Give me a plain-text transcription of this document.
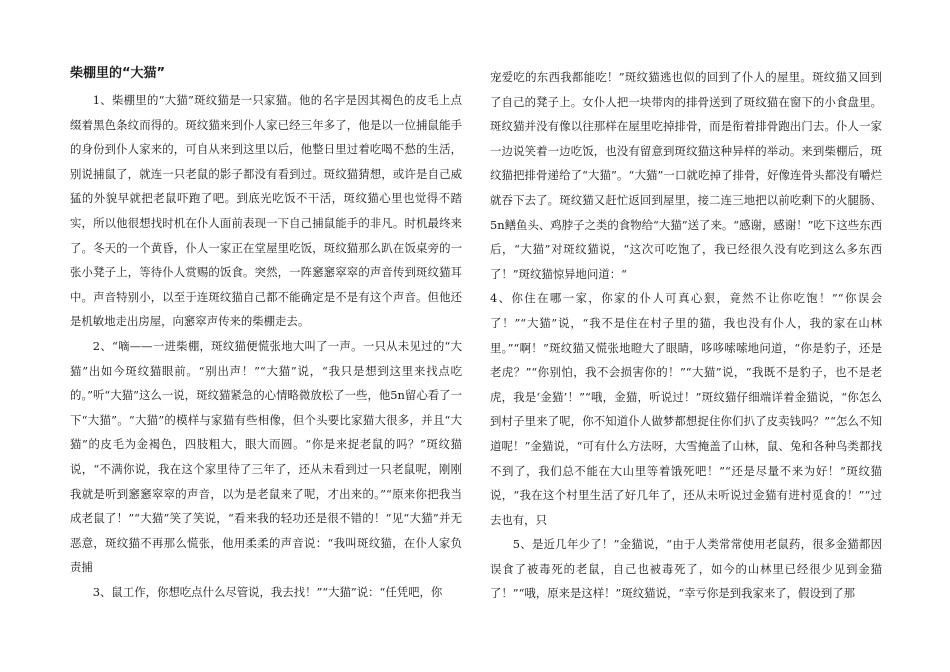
柴棚里的“大猫”

1、柴棚里的“大猫”斑纹猫是一只家猫。他的名字是因其褐色的皮毛上点缀着黑色条纹而得的。斑纹猫来到仆人家已经三年多了，他是以一位捕鼠能手的身份到仆人家来的，可自从来到这里以后，他整日里过着吃喝不愁的生活，别说捕鼠了，就连一只老鼠的影子都没有看到过。斑纹猫猜想，或许是自己威猛的外貌早就把老鼠吓跑了吧。到底光吃饭不干活，斑纹猫心里也觉得不踏实，所以他很想找时机在仆人面前表现一下自己捕鼠能手的非凡。时机最终来了。冬天的一个黄昏，仆人一家正在堂屋里吃饭，斑纹猫那么趴在饭桌旁的一张小凳子上，等待仆人赏赐的饭食。突然，一阵窸窸窣窣的声音传到斑纹猫耳中。声音特别小，以至于连斑纹猫自己都不能确定是不是有这个声音。但他还是机敏地走出房屋，向窸窣声传来的柴棚走去。

2、“嘀——一进柴棚，斑纹猫便慌张地大叫了一声。一只从未见过的“大猫”出如今斑纹猫眼前。“别出声！”“大猫”说，“我只是想到这里来找点吃的。”听“大猫”这么一说，斑纹猫紧急的心情略微放松了一些，他5n留心看了一下“大猫”。“大猫”的模样与家猫有些相像，但个头要比家猫大很多，并且“大猫”的皮毛为金褐色，四肢粗大，眼大而圆。“你是来捉老鼠的吗？”斑纹猫说，“不满你说，我在这个家里待了三年了，还从未看到过一只老鼠呢，刚刚我就是听到窸窸窣窣的声音，以为是老鼠来了呢，才出来的。”“原来你把我当成老鼠了！”“大猫”笑了笑说，“看来我的轻功还是很不错的！”见“大猫”并无恶意，斑纹猫不再那么慌张，他用柔柔的声音说：“我叫斑纹猫，在仆人家负责捕

3、鼠工作，你想吃点什么尽管说，我去找！”“大猫”说：“任凭吧，你

宠爱吃的东西我都能吃！”斑纹猫逃也似的回到了仆人的屋里。斑纹猫又回到了自己的凳子上。女仆人把一块带肉的排骨送到了斑纹猫在窗下的小食盘里。斑纹猫并没有像以往那样在屋里吃掉排骨，而是衔着排骨跑出门去。仆人一家一边说笑着一边吃饭，也没有留意到斑纹猫这种异样的举动。来到柴棚后，斑纹猫把排骨递给了“大猫”。“大猫”一口就吃掉了排骨，好像连骨头都没有嚼烂就吞下去了。斑纹猫又赶忙返回到屋里，接二连三地把以前吃剩下的火腿肠、5n鳝鱼头、鸡脖子之类的食物给“大猫”送了来。“感谢，感谢！”吃下这些东西后，“大猫”对斑纹猫说，“这次可吃饱了，我已经很久没有吃到这么多东西了！”斑纹猫惊异地问道：“

4、你住在哪一家，你家的仆人可真心狠，竟然不让你吃饱！”“你误会了！”“大猫”说，“我不是住在村子里的猫，我也没有仆人，我的家在山林里。”“啊！”斑纹猫又慌张地瞪大了眼睛，哆哆嗦嗦地问道，“你是豹子，还是老虎？”“你别怕，我不会损害你的！”“大猫”说，“我既不是豹子，也不是老虎，我是‘金猫’！”“哦，金猫，听说过！”斑纹猫仔细端详着金猫说，“你怎么到村子里来了呢，你不知道仆人做梦都想捉住你们扒了皮卖钱吗？”“怎么不知道呢！”金猫说，“可有什么方法呀，大雪掩盖了山林，鼠、兔和各种鸟类都找不到了，我们总不能在大山里等着饿死吧！”“还是尽量不来为好！”斑纹猫说，“我在这个村里生活了好几年了，还从未听说过金猫有进村觅食的！”“过去也有，只

5、是近几年少了！”金猫说，“由于人类常常使用老鼠药，很多金猫都因误食了被毒死的老鼠，自己也被毒死了，如今的山林里已经很少见到金猫了！”“哦，原来是这样！”斑纹猫说，“幸亏你是到我家来了，假设到了那
